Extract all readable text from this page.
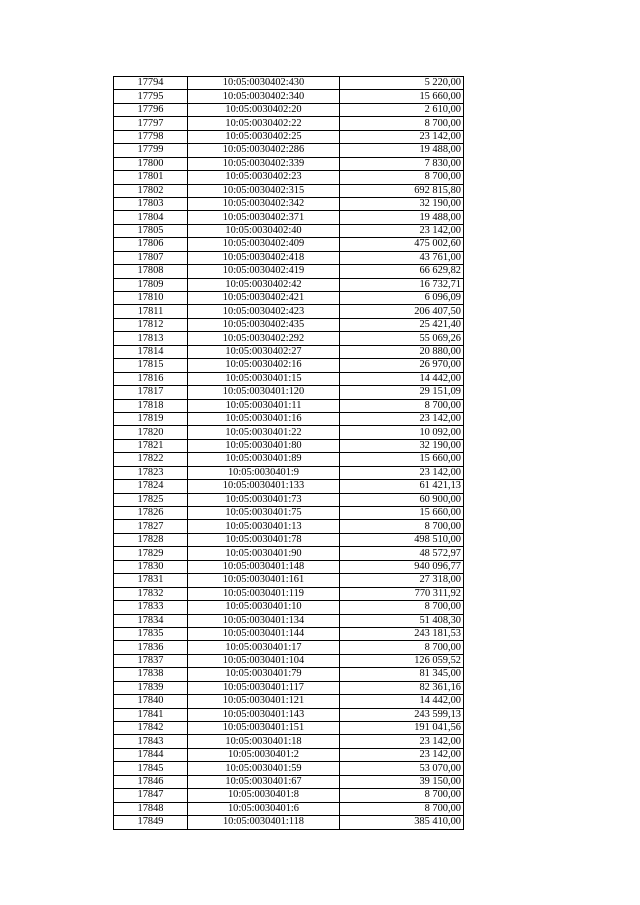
17794	10:05:0030402:430	5 220,00
17795	10:05:0030402:340	15 660,00
17796	10:05:0030402:20	2 610,00
17797	10:05:0030402:22	8 700,00
17798	10:05:0030402:25	23 142,00
17799	10:05:0030402:286	19 488,00
17800	10:05:0030402:339	7 830,00
17801	10:05:0030402:23	8 700,00
17802	10:05:0030402:315	692 815,80
17803	10:05:0030402:342	32 190,00
17804	10:05:0030402:371	19 488,00
17805	10:05:0030402:40	23 142,00
17806	10:05:0030402:409	475 002,60
17807	10:05:0030402:418	43 761,00
17808	10:05:0030402:419	66 629,82
17809	10:05:0030402:42	16 732,71
17810	10:05:0030402:421	6 096,09
17811	10:05:0030402:423	206 407,50
17812	10:05:0030402:435	25 421,40
17813	10:05:0030402:292	55 069,26
17814	10:05:0030402:27	20 880,00
17815	10:05:0030402:16	26 970,00
17816	10:05:0030401:15	14 442,00
17817	10:05:0030401:120	29 151,09
17818	10:05:0030401:11	8 700,00
17819	10:05:0030401:16	23 142,00
17820	10:05:0030401:22	10 092,00
17821	10:05:0030401:80	32 190,00
17822	10:05:0030401:89	15 660,00
17823	10:05:0030401:9	23 142,00
17824	10:05:0030401:133	61 421,13
17825	10:05:0030401:73	60 900,00
17826	10:05:0030401:75	15 660,00
17827	10:05:0030401:13	8 700,00
17828	10:05:0030401:78	498 510,00
17829	10:05:0030401:90	48 572,97
17830	10:05:0030401:148	940 096,77
17831	10:05:0030401:161	27 318,00
17832	10:05:0030401:119	770 311,92
17833	10:05:0030401:10	8 700,00
17834	10:05:0030401:134	51 408,30
17835	10:05:0030401:144	243 181,53
17836	10:05:0030401:17	8 700,00
17837	10:05:0030401:104	126 059,52
17838	10:05:0030401:79	81 345,00
17839	10:05:0030401:117	82 361,16
17840	10:05:0030401:121	14 442,00
17841	10:05:0030401:143	243 599,13
17842	10:05:0030401:151	191 041,56
17843	10:05:0030401:18	23 142,00
17844	10:05:0030401:2	23 142,00
17845	10:05:0030401:59	53 070,00
17846	10:05:0030401:67	39 150,00
17847	10:05:0030401:8	8 700,00
17848	10:05:0030401:6	8 700,00
17849	10:05:0030401:118	385 410,00
